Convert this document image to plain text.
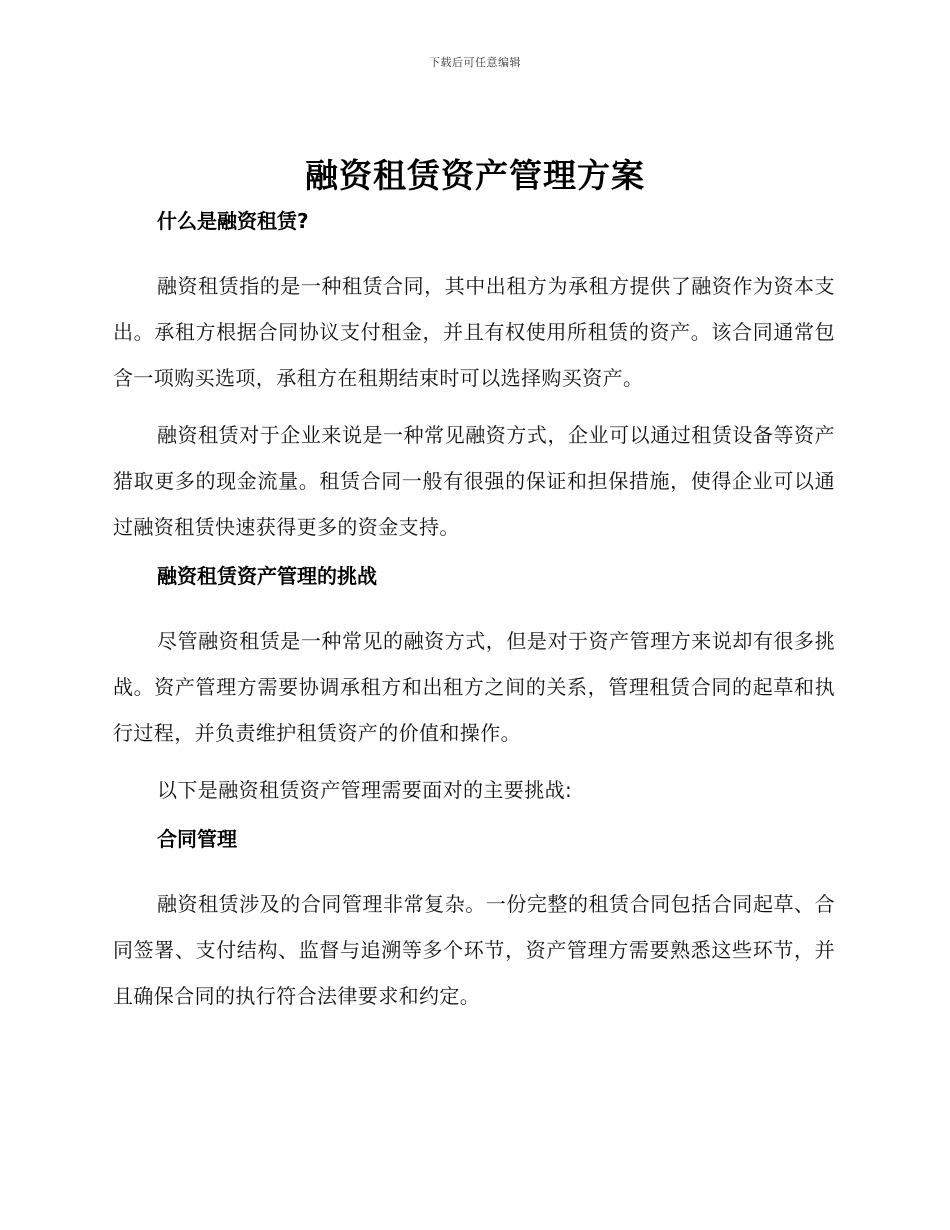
下载后可任意编辑
融资租赁资产管理方案
什么是融资租赁?

融资租赁指的是一种租赁合同，其中出租方为承租方提供了融资作为资本支出。承租方根据合同协议支付租金，并且有权使用所租赁的资产。该合同通常包含一项购买选项，承租方在租期结束时可以选择购买资产。

融资租赁对于企业来说是一种常见融资方式，企业可以通过租赁设备等资产猎取更多的现金流量。租赁合同一般有很强的保证和担保措施，使得企业可以通过融资租赁快速获得更多的资金支持。

融资租赁资产管理的挑战

尽管融资租赁是一种常见的融资方式，但是对于资产管理方来说却有很多挑战。资产管理方需要协调承租方和出租方之间的关系，管理租赁合同的起草和执行过程，并负责维护租赁资产的价值和操作。

以下是融资租赁资产管理需要面对的主要挑战:

合同管理

融资租赁涉及的合同管理非常复杂。一份完整的租赁合同包括合同起草、合同签署、支付结构、监督与追溯等多个环节，资产管理方需要熟悉这些环节，并且确保合同的执行符合法律要求和约定。
